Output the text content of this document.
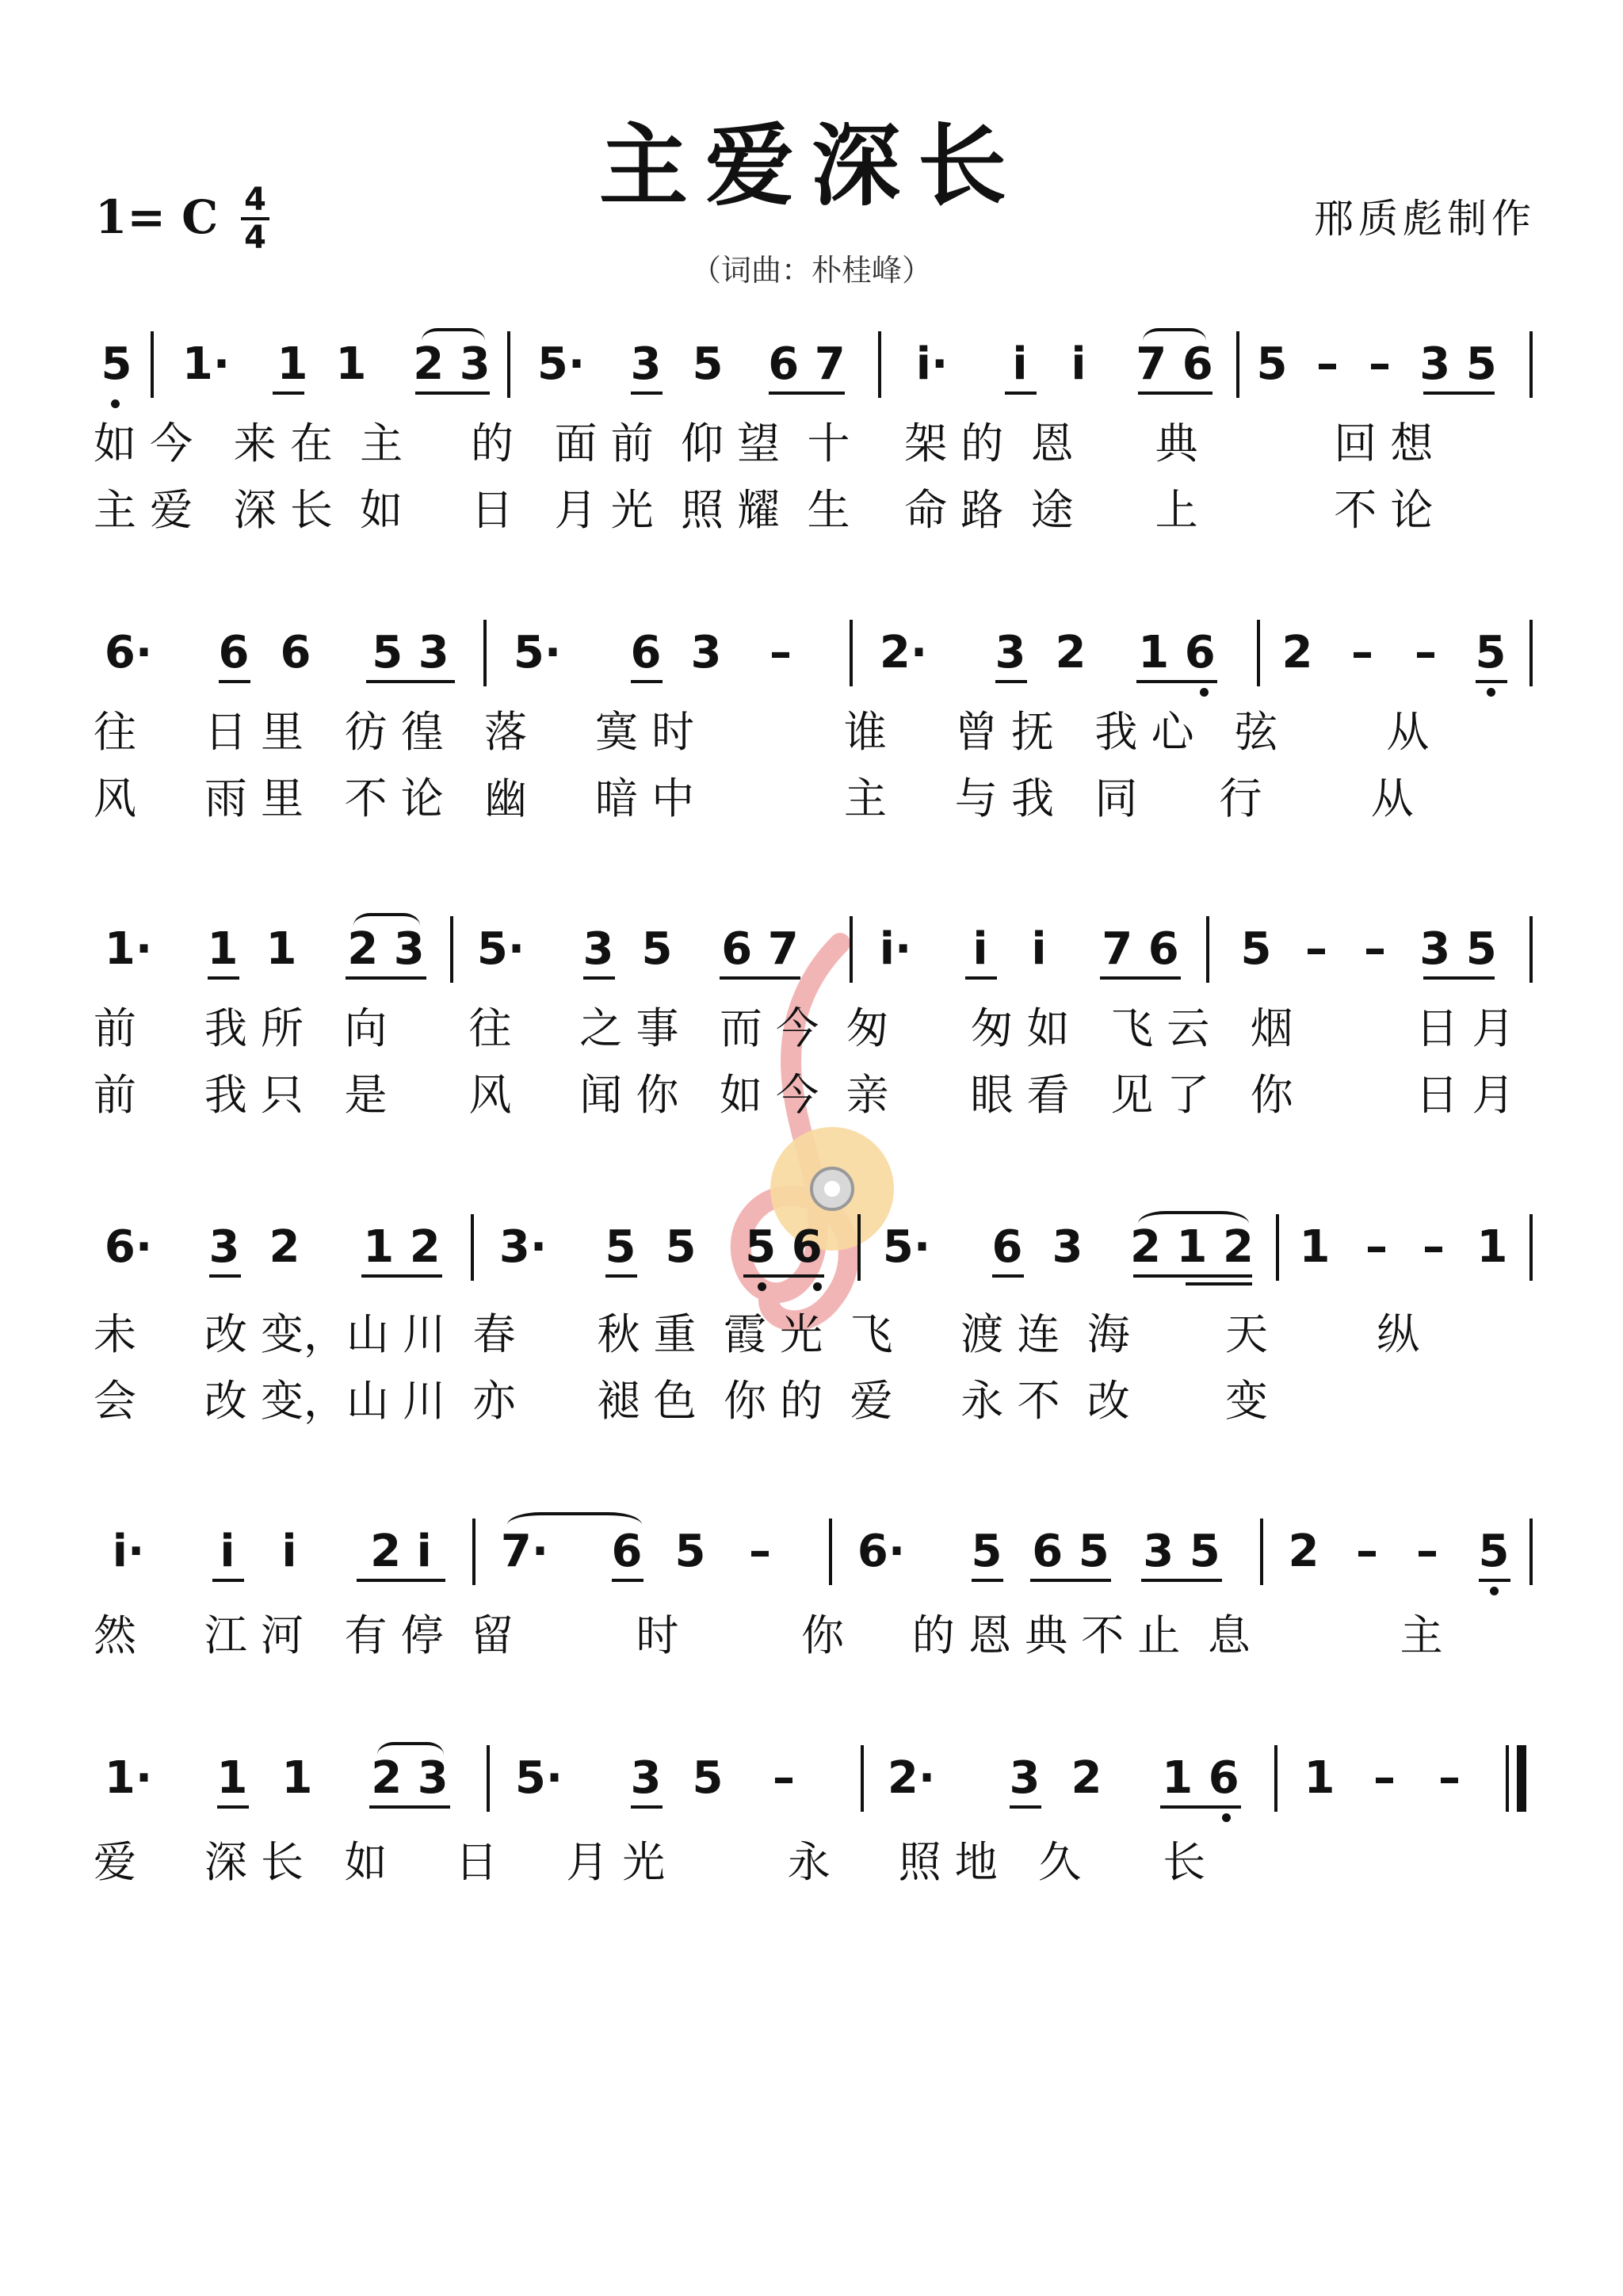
主爱深长
1= C 4
4	邢质彪制作
（词曲：朴桂峰）
5 1· 1 1 2 3 5· 3 5 6 7	i·	i i 7 6 5 – – 3 5
如 今   来 在  主     的   面 前  仰 望  十    架 的  恩      典          回 想
主 爱   深 长  如     日   月 光  照 耀  生    命 路  途      上          不 论
6· 6 6 5 3 5· 6 3 – 2· 3 2 1 6 2 – – 5
往     日 里   彷 徨   落     寞 时           谁     曾 抚   我 心   弦        从
风     雨 里   不 论   幽     暗 中           主     与 我   同      行        从
1· 1 1 2 3 5· 3 5 6 7	i·	i i 7 6 5 – – 3 5
前     我 所   向      往     之 事   而 今  匆      匆 如   飞 云   烟         日 月
前     我 只   是      风     闻 你   如 今  亲      眼 看   见 了   你         日 月
6· 3 2 1 2 3· 5 5 5 6 5· 6 3 2 1 2 1 – – 1
未     改 变，山 川  春      秋 重  霞 光  飞     渡 连  海       天        纵
会     改 变，山 川  亦      褪 色  你 的  爱     永 不  改       变
i·	i i	2 i	7· 6 5 – 6· 5 6 5 3 5 2 – – 5
然     江 河   有 停  留         时         你     的 恩 典 不 止  息           主
1· 1 1 2 3 5· 3 5 – 2· 3 2 1 6 1 – –
爱     深 长   如     日     月 光         永     照 地   久      长
